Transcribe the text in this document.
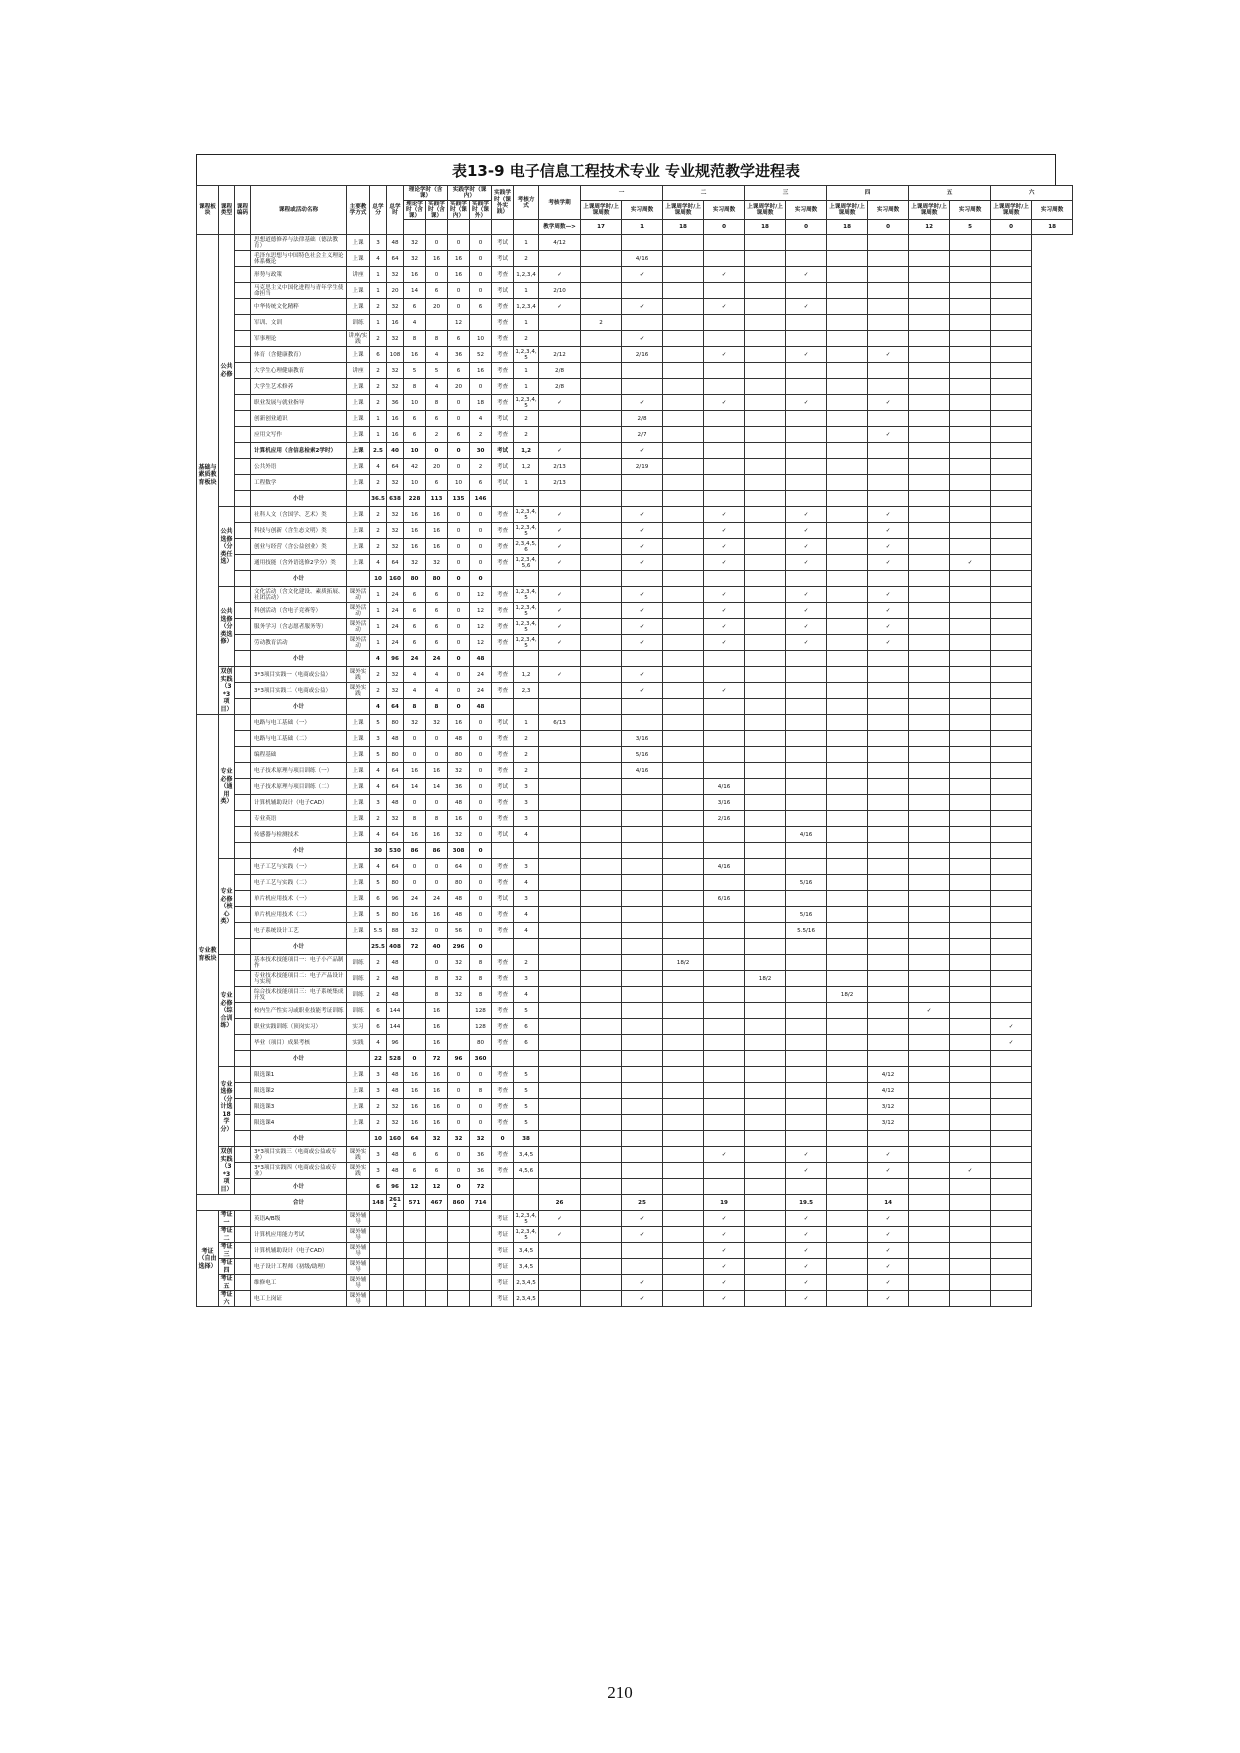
表13-9 电子信息工程技术专业 专业规范教学进程表
课程板块	课程类型	课程编码	课程或活动名称	主要教学方式	总学分	总学时	理论学时（含课）		实践学时（课内）		实践学时（课外实践）	考核方式	考核学期	一		二		三		四		五		六	
							理论学时（含课）	实践学时（含课）	实践学时（课内）	实践学时（课外）				上课周学时/上课周数	实习周数	上课周学时/上课周数	实习周数	上课周学时/上课周数	实习周数	上课周学时/上课周数	实习周数	上课周学时/上课周数	实习周数	上课周学时/上课周数	实习周数
													教学周数—>	17	1	18	0	18	0	18	0	12	5	0	18
基础与素质教育板块	公共必修		思想道德修养与法律基础（德法教育）	上课	3	48	32	0	0	0	考试	1	4/12												
			毛泽东思想与中国特色社会主义理论体系概论	上课	4	64	32	16	16	0	考试	2			4/16										
			形势与政策	讲座	1	32	16	0	16	0	考查	1,2,3,4	✓		✓		✓		✓						
			马克思主义中国化进程与青年学生使命担当	上课	1	20	14	6	0	0	考试	1	2/10												
			中华传统文化精粹	上课	2	32	6	20	0	6	考查	1,2,3,4	✓		✓		✓		✓						
			军训、文训	训练	1	16	4		12		考查	1		2											
			军事理论	讲座/实践	2	32	8	8	6	10	考查	2			✓										
			体育（含健康教育）	上课	6	108	16	4	36	52	考查	1,2,3,4,5	2/12		2/16		✓		✓		✓				
			大学生心理健康教育	讲座	2	32	5	5	6	16	考查	1	2/8												
			大学生艺术修养	上课	2	32	8	4	20	0	考查	1	2/8												
			职业发展与就业指导	上课	2	36	10	8	0	18	考查	1,2,3,4,5	✓		✓		✓		✓		✓				
			创新创业通识	上课	1	16	6	6	0	4	考试	2			2/8										
			应用文写作	上课	1	16	6	2	6	2	考查	2			2/7						✓				
			计算机应用（含信息检索2学时）	上课	2.5	40	10	0	0	30	考试	1,2	✓		✓										
			公共外语	上课	4	64	42	20	0	2	考试	1,2	2/13		2/19										
			工程数学	上课	2	32	10	6	10	6	考试	1	2/13												
			小计		36.5	638	228	113	135	146															
	公共选修（分类任选）		社科人文（含国学、艺术）类	上课	2	32	16	16	0	0	考查	1,2,3,4,5	✓		✓		✓		✓		✓				
			科技与创新（含生态文明）类	上课	2	32	16	16	0	0	考查	1,2,3,4,5	✓		✓		✓		✓		✓				
			创业与经营（含公益创业）类	上课	2	32	16	16	0	0	考查	2,3,4,5,6	✓		✓		✓		✓		✓				
			通用技能（含外语选修2学分）类	上课	4	64	32	32	0	0	考查	1,2,3,4,5,6	✓		✓		✓		✓		✓		✓		
			小计		10	160	80	80	0	0															
	公共选修（分类选修）		文化活动（含文化建设、素质拓展、社团活动）	课外活动	1	24	6	6	0	12	考查	1,2,3,4,5	✓		✓		✓		✓		✓				
			科创活动（含电子竞赛等）	课外活动	1	24	6	6	0	12	考查	1,2,3,4,5	✓		✓		✓		✓		✓				
			服务学习（含志愿者服务等）	课外活动	1	24	6	6	0	12	考查	1,2,3,4,5	✓		✓		✓		✓		✓				
			劳动教育活动	课外活动	1	24	6	6	0	12	考查	1,2,3,4,5	✓		✓		✓		✓		✓				
			小计		4	96	24	24	0	48															
	双创实践（3*3项目）		3*3项目实践一（电商或公益）	课外实践	2	32	4	4	0	24	考查	1,2	✓		✓										
			3*3项目实践二（电商或公益）	课外实践	2	32	4	4	0	24	考查	2,3			✓		✓								
			小计		4	64	8	8	0	48															
专业教育板块	专业必修（通用类）		电路与电工基础（一）	上课	5	80	32	32	16	0	考试	1	6/13												
			电路与电工基础（二）	上课	3	48	0	0	48	0	考查	2			3/16										
			编程基础	上课	5	80	0	0	80	0	考查	2			5/16										
			电子技术原理与项目训练（一）	上课	4	64	16	16	32	0	考查	2			4/16										
			电子技术原理与项目训练（二）	上课	4	64	14	14	36	0	考试	3					4/16								
			计算机辅助设计（电子CAD）	上课	3	48	0	0	48	0	考查	3					3/16								
			专业英语	上课	2	32	8	8	16	0	考查	3					2/16								
			传感器与检测技术	上课	4	64	16	16	32	0	考试	4							4/16						
			小计		30	530	86	86	308	0															
	专业必修（核心类）		电子工艺与实践（一）	上课	4	64	0	0	64	0	考查	3					4/16								
			电子工艺与实践（二）	上课	5	80	0	0	80	0	考查	4							5/16						
			单片机应用技术（一）	上课	6	96	24	24	48	0	考试	3					6/16								
			单片机应用技术（二）	上课	5	80	16	16	48	0	考查	4							5/16						
			电子系统设计工艺	上课	5.5	88	32	0	56	0	考查	4							5.5/16						
			小计		25.5	408	72	40	296	0															
	专业必修（综合训练）		基本技术技能项目一：电子小产品制作	训练	2	48		0	32	8	考查	2				18/2									
			专业技术技能项目二：电子产品设计与实现	训练	2	48		8	32	8	考查	3						18/2							
			综合技术技能项目三：电子系统集成开发	训练	2	48		8	32	8	考查	4								18/2					
			校内生产性实习或职业技能考证训练	训练	6	144		16		128	考查	5										✓			
			职业实践训练（顶岗实习）	实习	6	144		16		128	考查	6												✓	
			毕业（项目）成果考核	实践	4	96		16		80	考查	6												✓	
			小计		22	528	0	72	96	360															
	专业选修（分计选18学分）		限选课1	上课	3	48	16	16	0	0	考查	5									4/12				
			限选课2	上课	3	48	16	16	0	8	考查	5									4/12				
			限选课3	上课	2	32	16	16	0	0	考查	5									3/12				
			限选课4	上课	2	32	16	16	0	0	考查	5									3/12				
			小计		10	160	64	32	32	32	0	38													
	双创实践（3*3项目）		3*3项目实践三（电商或公益或专业）	课外实践	3	48	6	6	0	36	考查	3,4,5					✓		✓		✓				
			3*3项目实践四（电商或公益或专业）	课外实践	3	48	6	6	0	36	考查	4,5,6							✓		✓		✓		
			小计		6	96	12	12	0	72															
			合计		148	2612	571	467	860	714			26		25		19		19.5		14				
考证（自由选择）	考证一		英语A/B级	课外辅导							考证	1,2,3,4,5	✓		✓		✓		✓		✓				
	考证二		计算机应用能力考试	课外辅导							考证	1,2,3,4,5	✓		✓		✓		✓		✓				
	考证三		计算机辅助设计（电子CAD）	课外辅导							考证	3,4,5					✓		✓		✓				
	考证四		电子设计工程师（初级/助理）	课外辅导							考证	3,4,5					✓		✓		✓				
	考证五		维修电工	课外辅导							考证	2,3,4,5			✓		✓		✓		✓				
	考证六		电工上岗证	课外辅导							考证	2,3,4,5			✓		✓		✓		✓				
210
